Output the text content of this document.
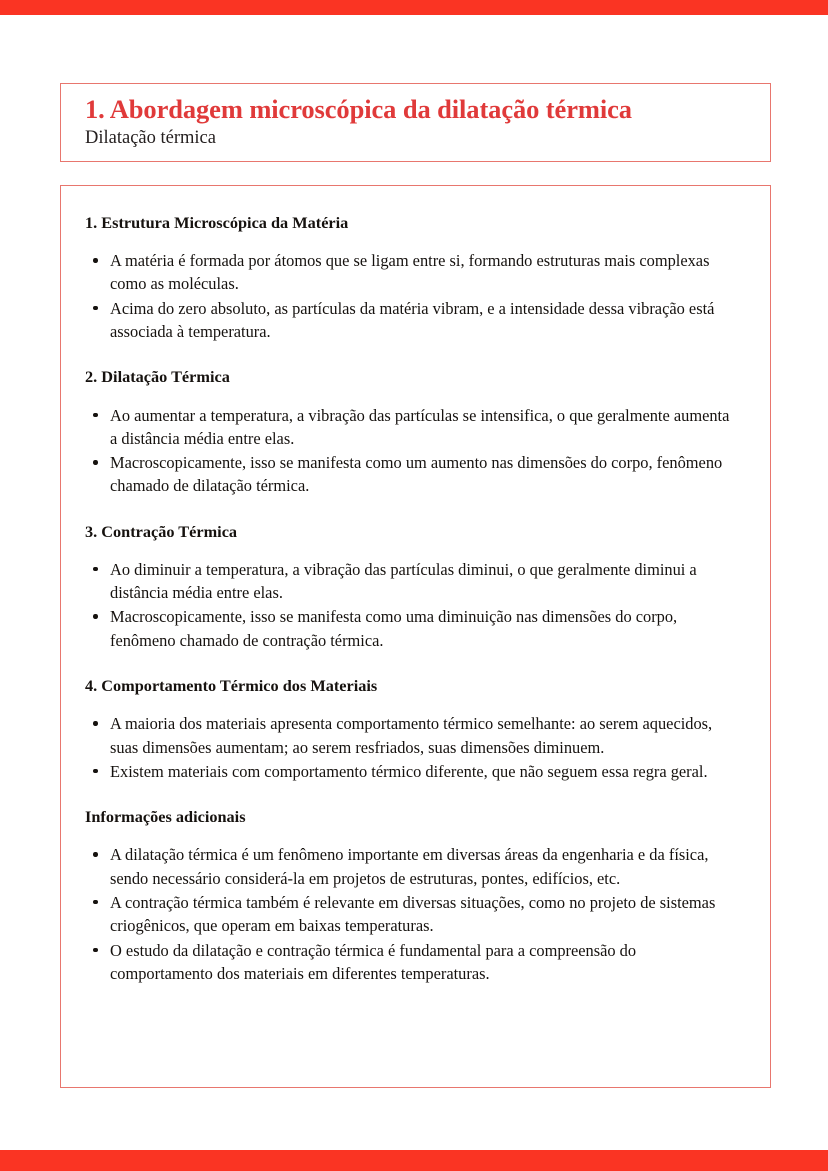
1. Abordagem microscópica da dilatação térmica
Dilatação térmica
1. Estrutura Microscópica da Matéria
A matéria é formada por átomos que se ligam entre si, formando estruturas mais complexas como as moléculas.
Acima do zero absoluto, as partículas da matéria vibram, e a intensidade dessa vibração está associada à temperatura.
2. Dilatação Térmica
Ao aumentar a temperatura, a vibração das partículas se intensifica, o que geralmente aumenta a distância média entre elas.
Macroscopicamente, isso se manifesta como um aumento nas dimensões do corpo, fenômeno chamado de dilatação térmica.
3. Contração Térmica
Ao diminuir a temperatura, a vibração das partículas diminui, o que geralmente diminui a distância média entre elas.
Macroscopicamente, isso se manifesta como uma diminuição nas dimensões do corpo, fenômeno chamado de contração térmica.
4. Comportamento Térmico dos Materiais
A maioria dos materiais apresenta comportamento térmico semelhante: ao serem aquecidos, suas dimensões aumentam; ao serem resfriados, suas dimensões diminuem.
Existem materiais com comportamento térmico diferente, que não seguem essa regra geral.
Informações adicionais
A dilatação térmica é um fenômeno importante em diversas áreas da engenharia e da física, sendo necessário considerá-la em projetos de estruturas, pontes, edifícios, etc.
A contração térmica também é relevante em diversas situações, como no projeto de sistemas criogênicos, que operam em baixas temperaturas.
O estudo da dilatação e contração térmica é fundamental para a compreensão do comportamento dos materiais em diferentes temperaturas.
